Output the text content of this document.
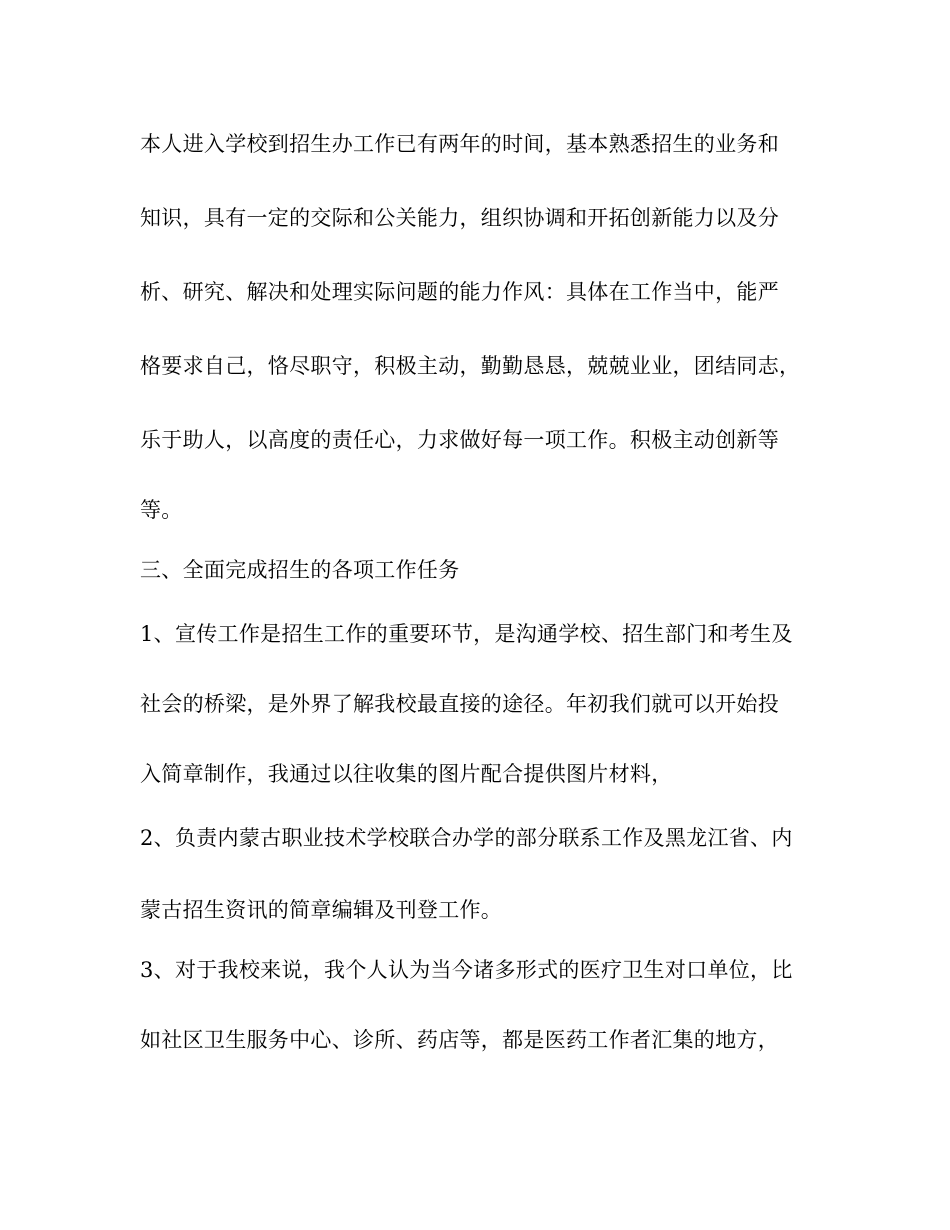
本人进入学校到招生办工作已有两年的时间，基本熟悉招生的业务和
知识，具有一定的交际和公关能力，组织协调和开拓创新能力以及分
析、研究、解决和处理实际问题的能力作风：具体在工作当中，能严
格要求自己，恪尽职守，积极主动，勤勤恳恳，兢兢业业，团结同志，
乐于助人，以高度的责任心，力求做好每一项工作。积极主动创新等
等。
三、全面完成招生的各项工作任务
1、宣传工作是招生工作的重要环节，是沟通学校、招生部门和考生及
社会的桥梁，是外界了解我校最直接的途径。年初我们就可以开始投
入简章制作，我通过以往收集的图片配合提供图片材料，
2、负责内蒙古职业技术学校联合办学的部分联系工作及黑龙江省、内
蒙古招生资讯的简章编辑及刊登工作。
3、对于我校来说，我个人认为当今诸多形式的医疗卫生对口单位，比
如社区卫生服务中心、诊所、药店等，都是医药工作者汇集的地方，
